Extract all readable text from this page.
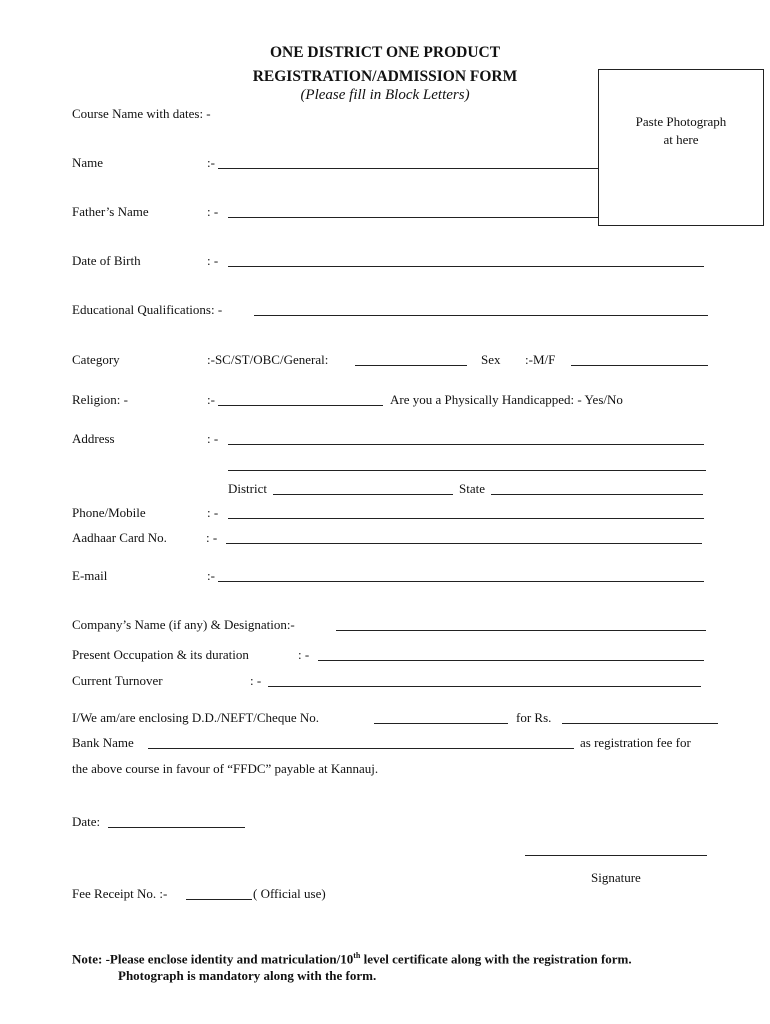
ONE DISTRICT ONE PRODUCT
REGISTRATION/ADMISSION FORM
(Please fill in Block Letters)
Paste Photograph
at here
Course Name with dates: -
Name	:-
Father’s Name	: -
Date of Birth	: -
Educational Qualifications: -
Category	:-SC/ST/OBC/General:	Sex :-M/F
Religion: -	:-	Are you a Physically Handicapped: - Yes/No
Address	: -
District	State
Phone/Mobile	: -
Aadhaar Card No.	: -
E-mail	:-
Company’s Name (if any) & Designation:-
Present Occupation & its duration	: -
Current Turnover	: -
I/We am/are enclosing D.D./NEFT/Cheque No.	for Rs.
Bank Name	as registration fee for
the above course in favour of “FFDC” payable at Kannauj.
Date:
Signature
Fee Receipt No. :-	( Official use)
Note: -Please enclose identity and matriculation/10th level certificate along with the registration form.
Photograph is mandatory along with the form.
